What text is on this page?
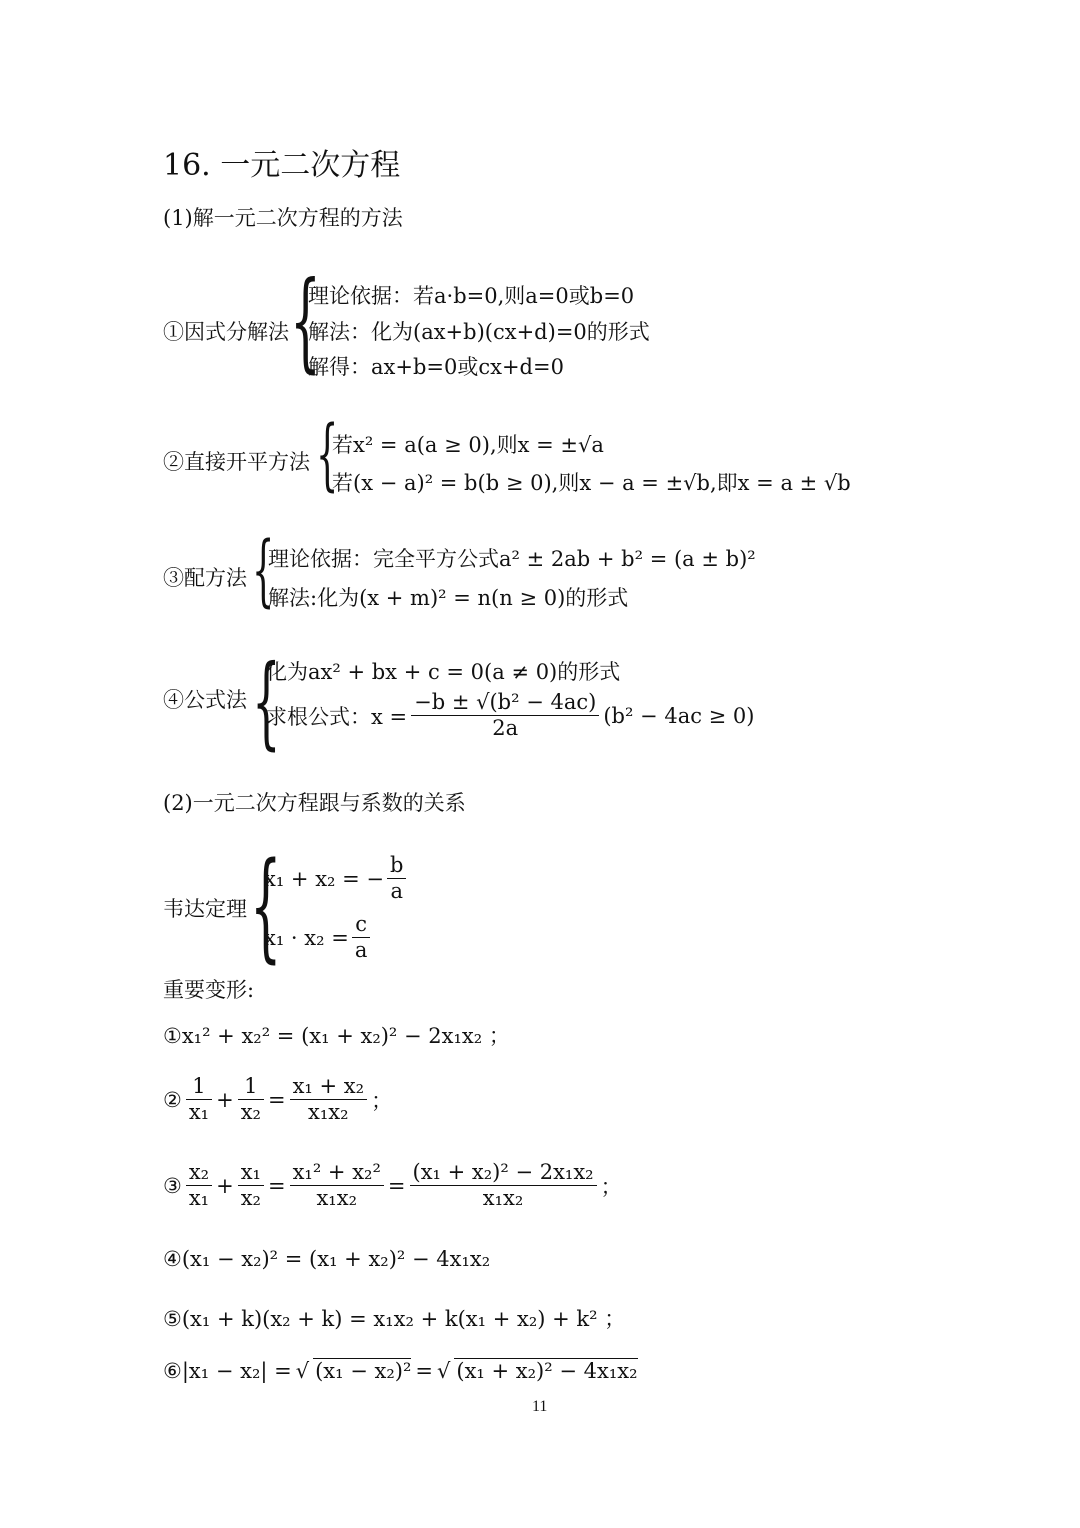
16. 一元二次方程
(1)解一元二次方程的方法
①因式分解法 {
理论依据：若a·b=0,则a=0或b=0
解法：化为(ax+b)(cx+d)=0的形式
解得：ax+b=0或cx+d=0
②直接开平方法 {
若x² = a(a ≥ 0),则x = ±√a
若(x − a)² = b(b ≥ 0),则x − a = ±√b,即x = a ± √b
③配方法 {
理论依据：完全平方公式a² ± 2ab + b² = (a ± b)²
解法:化为(x + m)² = n(n ≥ 0)的形式
④公式法 {
化为ax² + bx + c = 0(a ≠ 0)的形式
求根公式：$x = \frac{\text{−b ± √(b² − 4ac)}}{2a} (b^2 - 4ac \ge 0)$
(2)一元二次方程跟与系数的关系
韦达定理 {
x₁ + x₂ = − $\frac{b}{a}$
$x_1 \cdot x_2 = \frac{c}{a}$
重要变形:
①x₁² + x₂² = (x₁ + x₂)² − 2x₁x₂ ；
② $\frac{1}{\text{x₁}} + \frac{1}{\text{x₂}} = \frac{\text{x₁ + x₂}}{\text{x₁x₂}}$ ；
③ $\frac{\text{x₂}}{\text{x₁}} + \frac{\text{x₁}}{\text{x₂}} = \frac{\text{x₁² + x₂²}}{\text{x₁x₂}} = \frac{\text{(x₁ + x₂)² − 2x₁x₂}}{\text{x₁x₂}}$ ；
④(x₁ − x₂)² = (x₁ + x₂)² − 4x₁x₂
⑤(x₁ + k)(x₂ + k) = x₁x₂ + k(x₁ + x₂) + k² ；
⑥|x₁ − x₂| = √ (x₁ − x₂)² = √ (x₁ + x₂)² − 4x₁x₂
11
